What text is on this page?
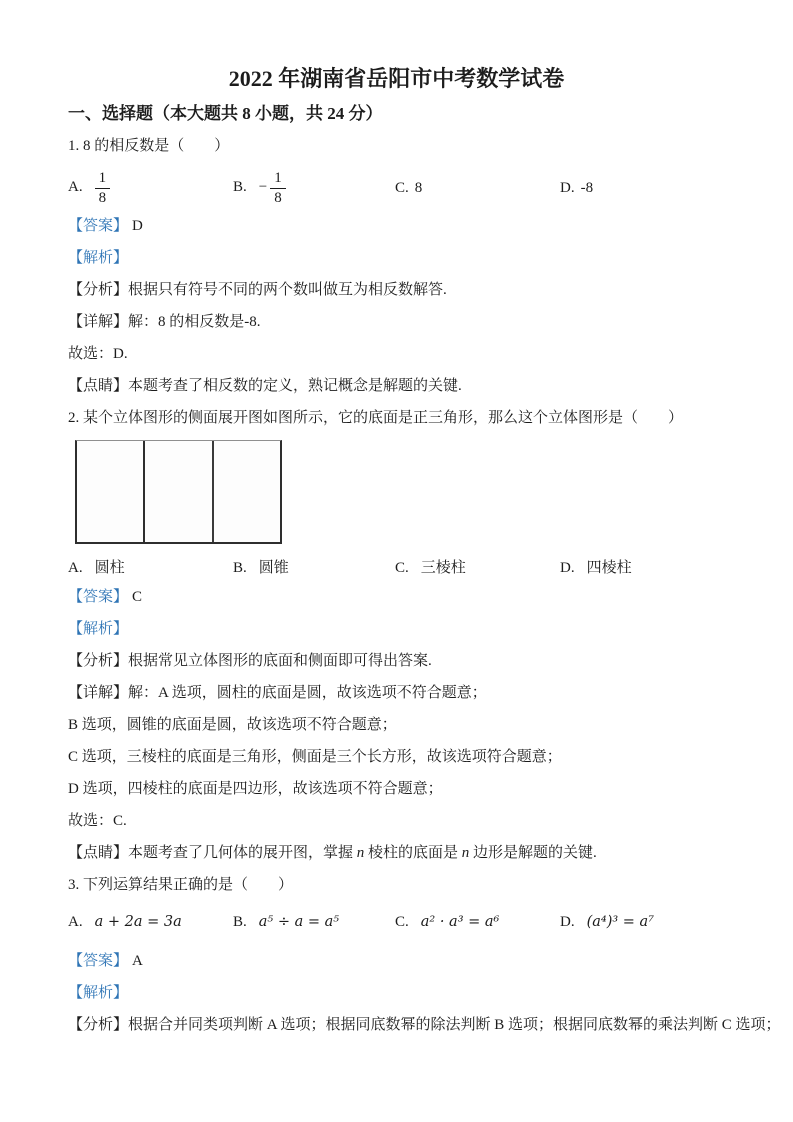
2022 年湖南省岳阳市中考数学试卷
一、选择题（本大题共 8 小题，共 24 分）

1. 8 的相反数是（　　）

A. $\frac{1}{8}$	B. − $\frac{1}{8}$	C. 8	D. -8

【答案】 D

【解析】

【分析】根据只有符号不同的两个数叫做互为相反数解答.

【详解】解：8 的相反数是-8.

故选：D.

【点睛】本题考查了相反数的定义，熟记概念是解题的关键.

2. 某个立体图形的侧面展开图如图所示，它的底面是正三角形，那么这个立体图形是（　　）

A. 圆柱	B. 圆锥	C. 三棱柱	D. 四棱柱

【答案】 C

【解析】

【分析】根据常见立体图形的底面和侧面即可得出答案.

【详解】解：A 选项，圆柱的底面是圆，故该选项不符合题意；

B 选项，圆锥的底面是圆，故该选项不符合题意；

C 选项，三棱柱的底面是三角形，侧面是三个长方形，故该选项符合题意；

D 选项，四棱柱的底面是四边形，故该选项不符合题意；

故选：C.

【点睛】本题考查了几何体的展开图，掌握 n 棱柱的底面是 n 边形是解题的关键.

3. 下列运算结果正确的是（　　）

A. a + 2a = 3a	B. a⁵ ÷ a = a⁵	C. a² · a³ = a⁶	D. (a⁴)³ = a⁷

【答案】 A

【解析】

【分析】根据合并同类项判断 A 选项；根据同底数幂的除法判断 B 选项；根据同底数幂的乘法判断 C 选项；
